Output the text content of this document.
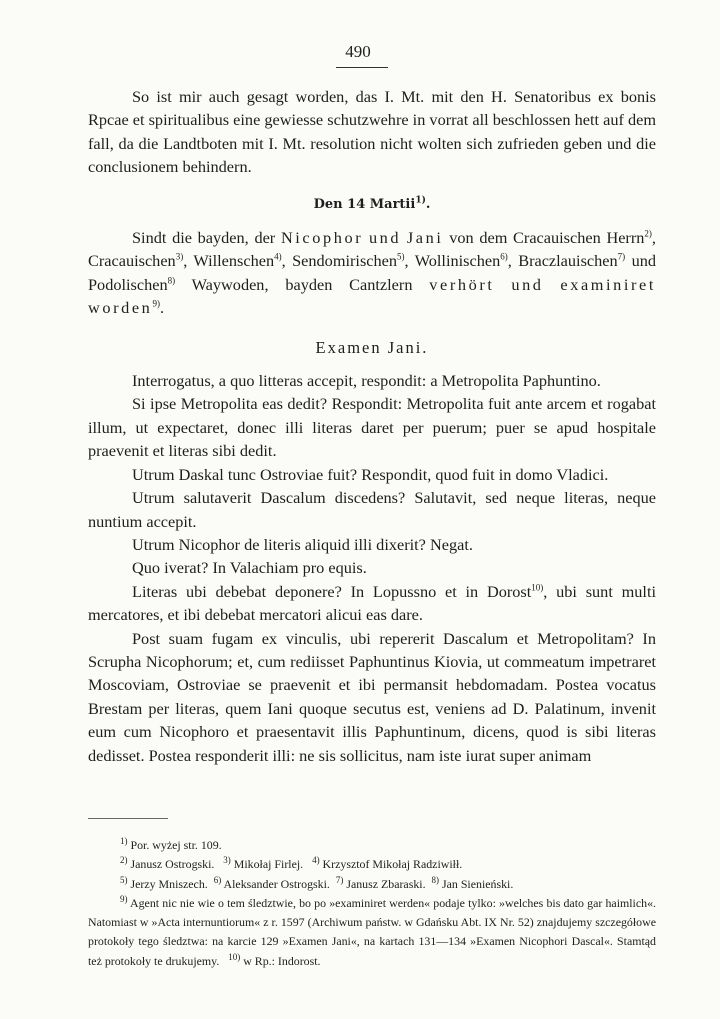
490

So ist mir auch gesagt worden, das I. Mt. mit den H. Senatoribus ex bonis Rpcae et spiritualibus eine gewiesse schutzwehre in vorrat all beschlossen hett auf dem fall, da die Landtboten mit I. Mt. resolution nicht wolten sich zufrieden geben und die conclusionem behindern.

Den 14 Martii$^{1)}$.

Sindt die bayden, der Nicophor und Jani von dem Cracauischen Herrn$^{2)}$, Cracauischen$^{3)}$, Willenschen$^{4)}$, Sendomirischen$^{5)}$, Wollinischen$^{6)}$, Braczlauischen$^{7)}$ und Podolischen$^{8)}$ Waywoden, bayden Cantzlern verhört und examiniret worden$^{9)}$.

Examen Jani.

Interrogatus, a quo litteras accepit, respondit: a Metropolita Paphuntino.

Si ipse Metropolita eas dedit? Respondit: Metropolita fuit ante arcem et rogabat illum, ut expectaret, donec illi literas daret per puerum; puer se apud hospitale praevenit et literas sibi dedit.

Utrum Daskal tunc Ostroviae fuit? Respondit, quod fuit in domo Vladici.

Utrum salutaverit Dascalum discedens? Salutavit, sed neque literas, neque nuntium accepit.

Utrum Nicophor de literis aliquid illi dixerit? Negat.

Quo iverat? In Valachiam pro equis.

Literas ubi debebat deponere? In Lopussno et in Dorost$^{10)}$, ubi sunt multi mercatores, et ibi debebat mercatori alicui eas dare.

Post suam fugam ex vinculis, ubi repererit Dascalum et Metropolitam? In Scrupha Nicophorum; et, cum rediisset Paphuntinus Kiovia, ut commeatum impetraret Moscoviam, Ostroviae se praevenit et ibi permansit hebdomadam. Postea vocatus Brestam per literas, quem Iani quoque secutus est, veniens ad D. Palatinum, invenit eum cum Nicophoro et praesentavit illis Paphuntinum, dicens, quod is sibi literas dedisset. Postea responderit illi: ne sis sollicitus, nam iste iurat super animam

$^{1)}$ Por. wyżej str. 109.
$^{2)}$ Janusz Ostrogski. $^{3)}$ Mikołaj Firlej. $^{4)}$ Krzysztof Mikołaj Radziwiłł.
$^{5)}$ Jerzy Mniszech. $^{6)}$ Aleksander Ostrogski. $^{7)}$ Janusz Zbaraski. $^{8)}$ Jan Sieniеński.
$^{9)}$ Agent nic nie wie o tem śledztwie, bo po »examiniret werden« podaje tylko: »welches bis dato gar haimlich«. Natomiast w »Acta internuntiorum« z r. 1597 (Archiwum państw. w Gdańsku Abt. IX Nr. 52) znajdujemy szczegółowe protokoły tego śledztwa: na karcie 129 »Examen Jani«, na kartach 131—134 »Examen Nicophori Dascal«. Stamtąd też protokoły te drukujemy. $^{10)}$ w Rp.: Indorost.
